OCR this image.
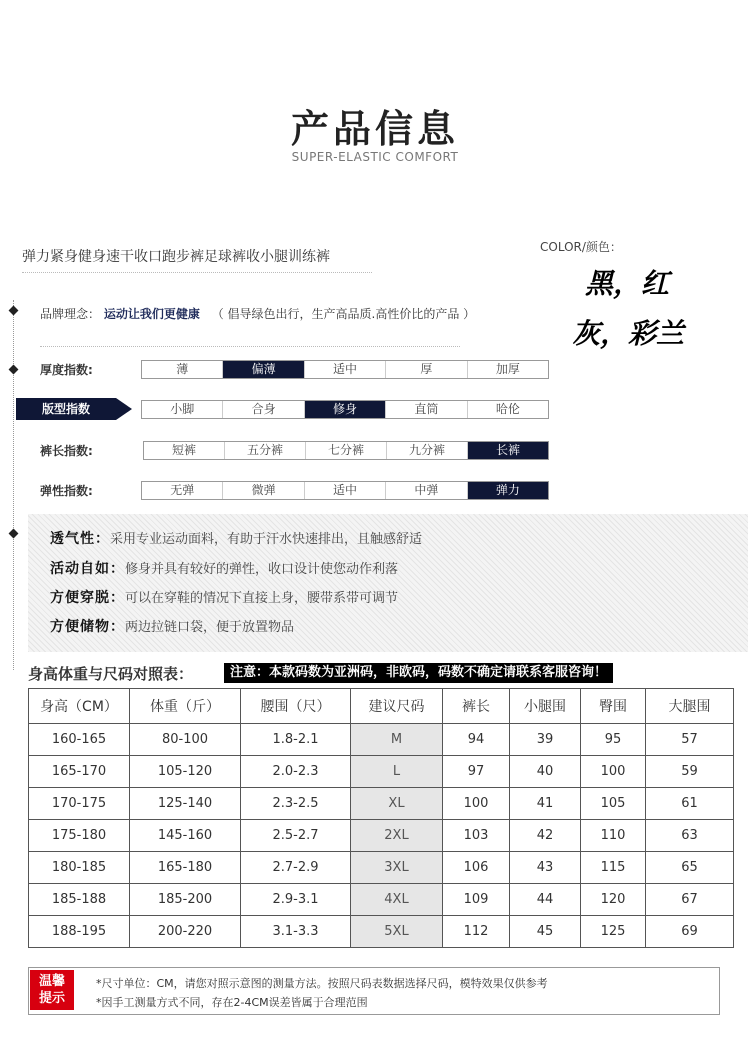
产品信息
SUPER-ELASTIC COMFORT
弹力紧身健身速干收口跑步裤足球裤收小腿训练裤
COLOR/颜色：
黑，红
灰，彩兰
品牌理念： 运动让我们更健康 （ 倡导绿色出行，生产高品质.高性价比的产品 ）
厚度指数:	薄	偏薄	适中	厚	加厚
版型指数	小脚	合身	修身	直筒	哈伦
裤长指数:	短裤	五分裤	七分裤	九分裤	长裤
弹性指数:	无弹	微弹	适中	中弹	弹力
透气性：采用专业运动面料，有助于汗水快速排出，且触感舒适
活动自如：修身并具有较好的弹性，收口设计使您动作利落
方便穿脱：可以在穿鞋的情况下直接上身，腰带系带可调节
方便储物：两边拉链口袋，便于放置物品
身高体重与尺码对照表：	注意：本款码数为亚洲码，非欧码，码数不确定请联系客服咨询！
身高（CM）	体重（斤）	腰围（尺）	建议尺码	裤长	小腿围	臀围	大腿围
160-165	80-100	1.8-2.1	M	94	39	95	57
165-170	105-120	2.0-2.3	L	97	40	100	59
170-175	125-140	2.3-2.5	XL	100	41	105	61
175-180	145-160	2.5-2.7	2XL	103	42	110	63
180-185	165-180	2.7-2.9	3XL	106	43	115	65
185-188	185-200	2.9-3.1	4XL	109	44	120	67
188-195	200-220	3.1-3.3	5XL	112	45	125	69
温馨
提示
*尺寸单位：CM，请您对照示意图的测量方法。按照尺码表数据选择尺码，模特效果仅供参考
*因手工测量方式不同，存在2-4CM误差皆属于合理范围
